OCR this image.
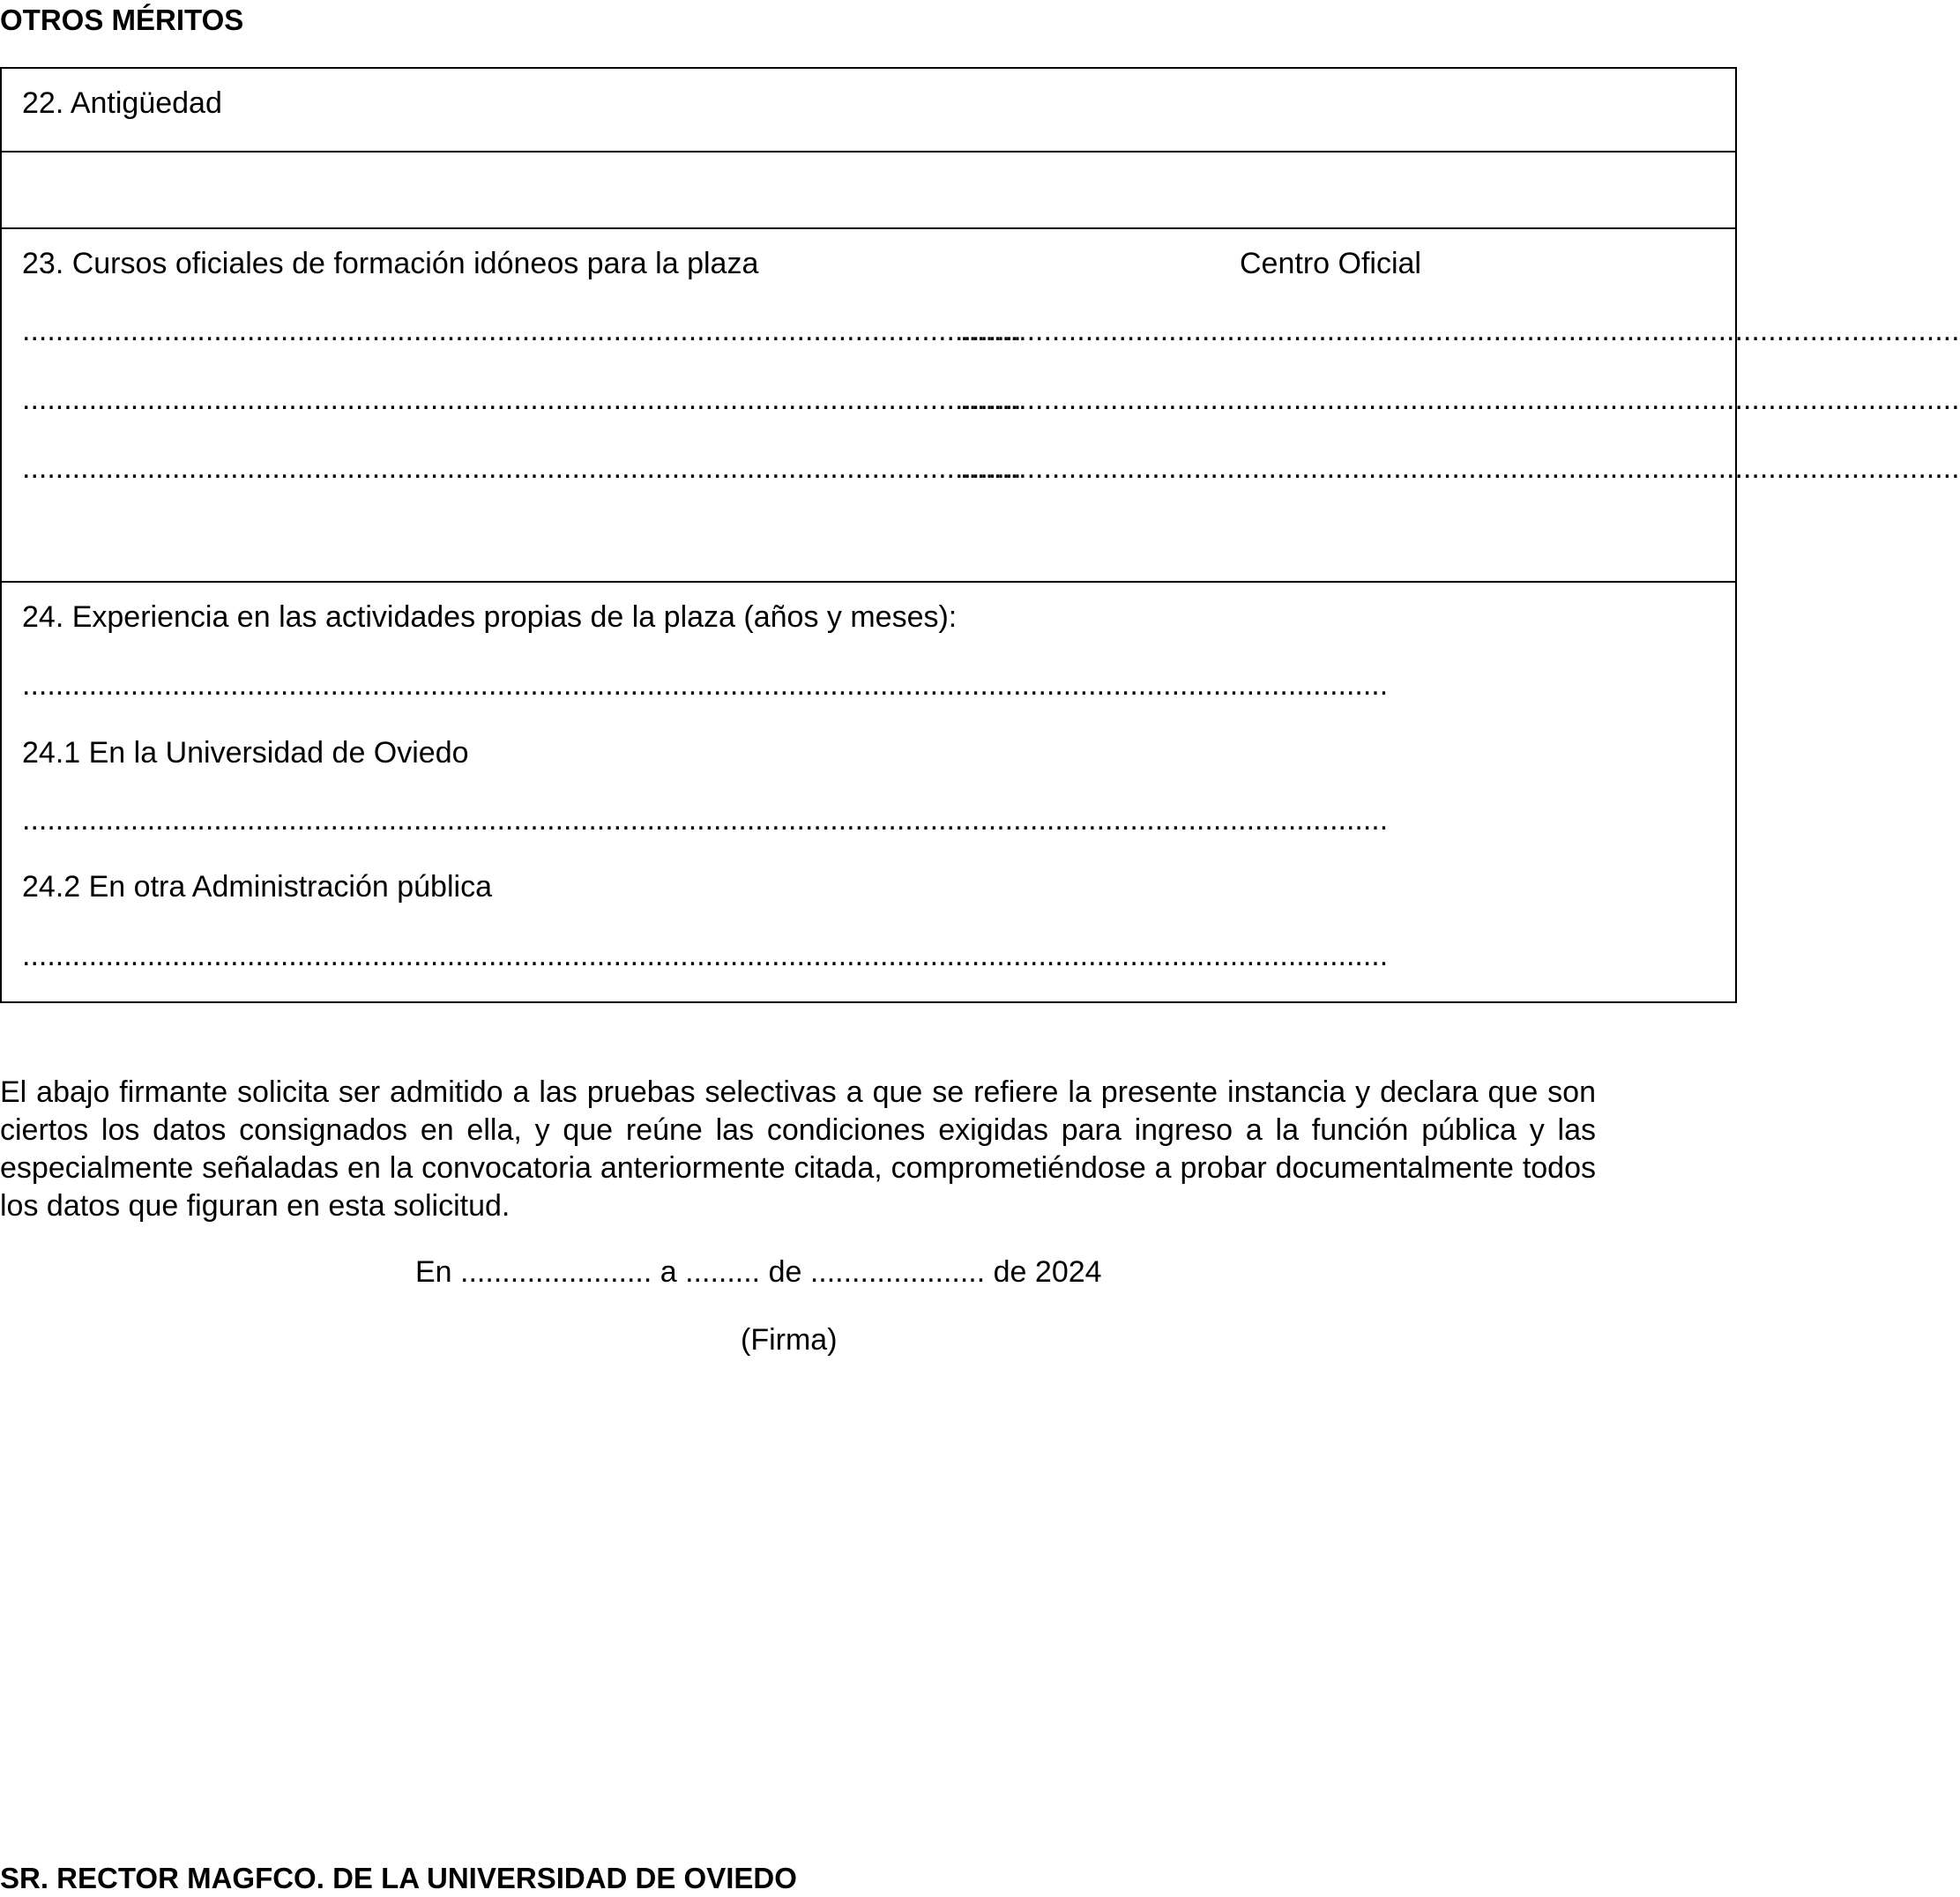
OTROS MÉRITOS
22. Antigüedad
23. Cursos oficiales de formación idóneos para la plaza	Centro Oficial
........................................................................................................................
........................................................................................................................
........................................................................................................................
........................................................................................................................
........................................................................................................................
........................................................................................................................
24. Experiencia en las actividades propias de la plaza (años y meses):
....................................................................................................................................................................
24.1 En la Universidad de Oviedo
....................................................................................................................................................................
24.2 En otra Administración pública
....................................................................................................................................................................
El abajo firmante solicita ser admitido a las pruebas selectivas a que se refiere la presente instancia y declara que son ciertos los datos consignados en ella, y que reúne las condiciones exigidas para ingreso a la función pública y las especialmente señaladas en la convocatoria anteriormente citada, comprometiéndose a probar documentalmente todos los datos que figuran en esta solicitud.
En ....................... a ......... de ..................... de 2024
(Firma)
SR. RECTOR MAGFCO. DE LA UNIVERSIDAD DE OVIEDO
